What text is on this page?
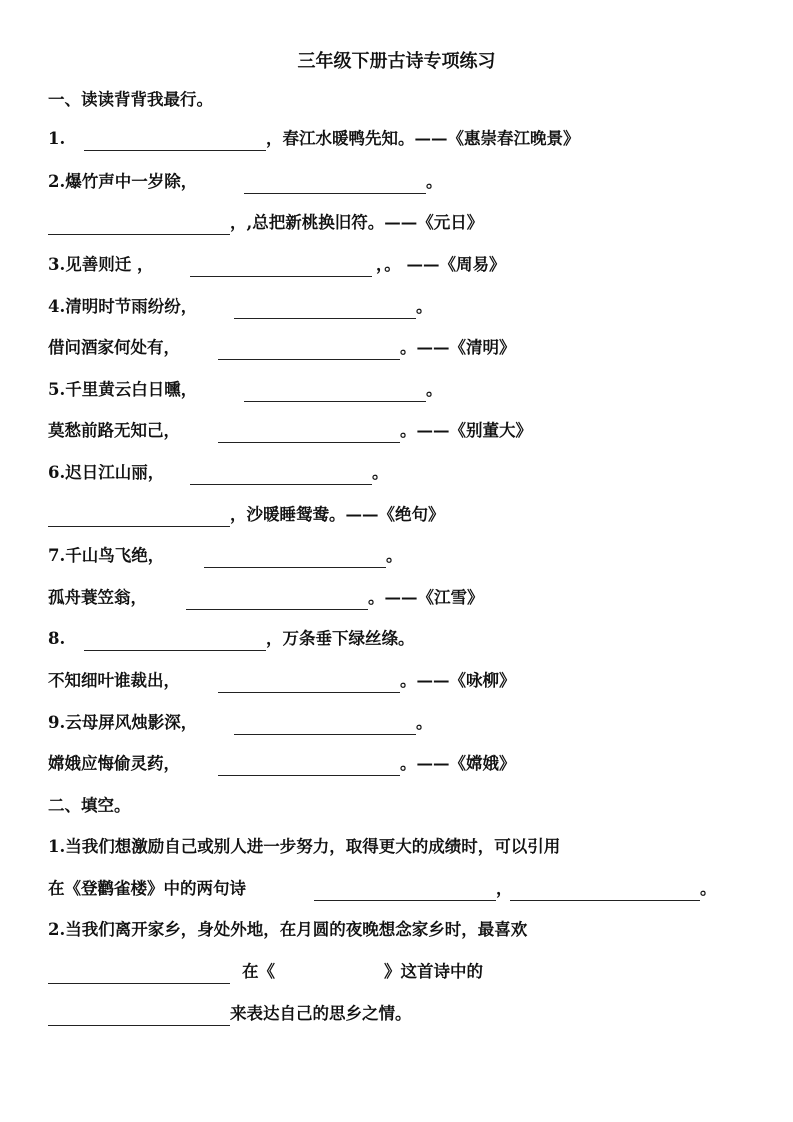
三年级下册古诗专项练习
一、读读背背我最行。
1.	，春江水暖鸭先知。——《惠崇春江晚景》
2.爆竹声中一岁除，	。
，,总把新桃换旧符。——《元日》
3.见善则迁 ，	，。 ——《周易》
4.清明时节雨纷纷，	。
借问酒家何处有，	。——《清明》
5.千里黄云白日曛，	。
莫愁前路无知己，	。——《别董大》
6.迟日江山丽，	。
，沙暖睡鸳鸯。——《绝句》
7.千山鸟飞绝，	。
孤舟蓑笠翁，	。——《江雪》
8.	，万条垂下绿丝绦。
不知细叶谁裁出，	。——《咏柳》
9.云母屏风烛影深，	。
嫦娥应悔偷灵药，	。——《嫦娥》
二、填空。
1.当我们想激励自己或别人进一步努力，取得更大的成绩时，可以引用
在《登鹳雀楼》中的两句诗	，	。
2.当我们离开家乡，身处外地，在月圆的夜晚想念家乡时，最喜欢
在《	》这首诗中的
来表达自己的思乡之情。
